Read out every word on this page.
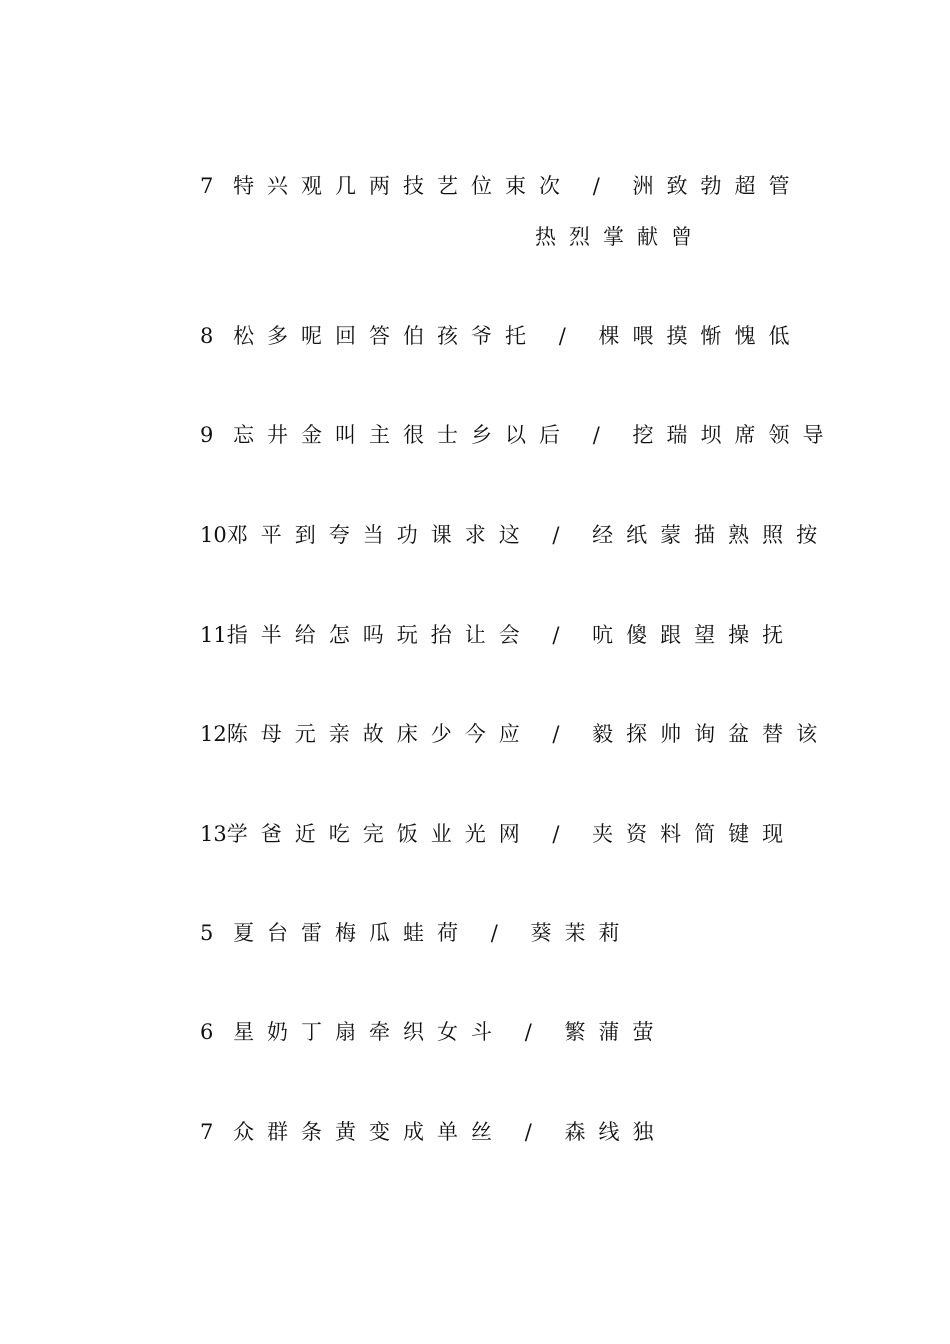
7 特兴观几两技艺位束次 / 洲致勃超管
热烈掌献曾
8 松多呢回答伯孩爷托 / 棵喂摸惭愧低
9 忘井金叫主很士乡以后 / 挖瑞坝席领导
10邓平到夸当功课求这 / 经纸蒙描熟照按
11指半给怎吗玩抬让会 / 吭傻跟望操抚
12陈母元亲故床少今应 / 毅探帅询盆替该
13学爸近吃完饭业光网 / 夹资料简键现
5 夏台雷梅瓜蛙荷 / 葵茉莉
6 星奶丁扇牵织女斗 / 繁蒲萤
7 众群条黄变成单丝 / 森线独
